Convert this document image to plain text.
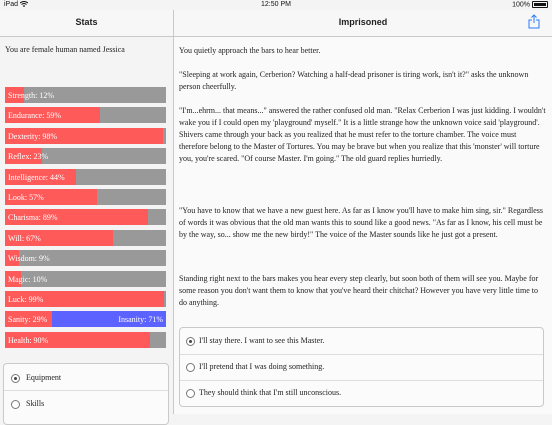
iPad	12:50 PM	100%
Stats	Imprisoned
You are female human named Jessica
Strength: 12%
Endurance: 59%
Dexterity: 98%
Reflex: 23%
Intelligence: 44%
Look: 57%
Charisma: 89%
Will: 67%
Wisdom: 9%
Magic: 10%
Luck: 99%
Sanity: 29%	Insanity: 71%
Health: 90%
Equipment
Skills
You quietly approach the bars to hear better.
"Sleeping at work again, Cerberion? Watching a half-dead prisoner is tiring work, isn't it?" asks the unknown person cheerfully.
"I'm...ehrm... that means..." answered the rather confused old man. "Relax Cerberion I was just kidding. I wouldn't wake you if I could open my 'playground' myself." It is a little strange how the unknown voice said 'playground'. Shivers came through your back as you realized that he must refer to the torture chamber. The voice must therefore belong to the Master of Tortures. You may be brave but when you realize that this 'monster' will torture you, you're scared. "Of course Master. I'm going." The old guard replies hurriedly.
"You have to know that we have a new guest here. As far as I know you'll have to make him sing, sir." Regardless of words it was obvious that the old man wants this to sound like a good news. "As far as I know, his cell must be by the way, so... show me the new birdy!" The voice of the Master sounds like he just got a present.
Standing right next to the bars makes you hear every step clearly, but soon both of them will see you. Maybe for some reason you don't want them to know that you've heard their chitchat? However you have very little time to do anything.
I'll stay there. I want to see this Master.
I'll pretend that I was doing something.
They should think that I'm still unconscious.
